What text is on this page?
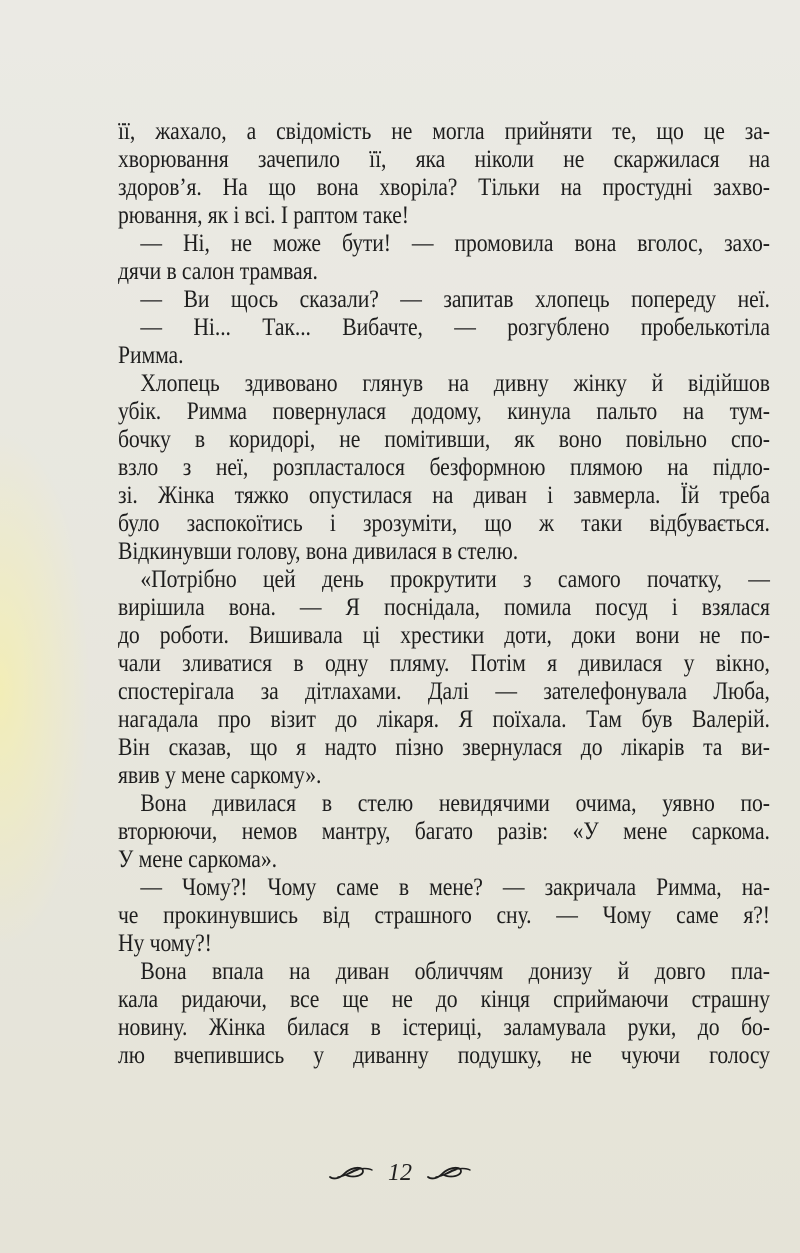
її, жахало, а свідомість не могла прийняти те, що це за-
хворювання зачепило її, яка ніколи не скаржилася на
здоров’я. На що вона хворіла? Тільки на простудні захво-
рювання, як і всі. І раптом таке!
— Ні, не може бути! — промовила вона вголос, захо-
дячи в салон трамвая.
— Ви щось сказали? — запитав хлопець попереду неї.
— Ні... Так... Вибачте, — розгублено пробелькотіла
Римма.
Хлопець здивовано глянув на дивну жінку й відійшов
убік. Римма повернулася додому, кинула пальто на тум-
бочку в коридорі, не помітивши, як воно повільно спо-
взло з неї, розпласталося безформною плямою на підло-
зі. Жінка тяжко опустилася на диван і завмерла. Їй треба
було заспокоїтись і зрозуміти, що ж таки відбувається.
Відкинувши голову, вона дивилася в стелю.
«Потрібно цей день прокрутити з самого початку, —
вирішила вона. — Я поснідала, помила посуд і взялася
до роботи. Вишивала ці хрестики доти, доки вони не по-
чали зливатися в одну пляму. Потім я дивилася у вікно,
спостерігала за дітлахами. Далі — зателефонувала Люба,
нагадала про візит до лікаря. Я поїхала. Там був Валерій.
Він сказав, що я надто пізно звернулася до лікарів та ви-
явив у мене саркому».
Вона дивилася в стелю невидячими очима, уявно по-
вторюючи, немов мантру, багато разів: «У мене саркома.
У мене саркома».
— Чому?! Чому саме в мене? — закричала Римма, на-
че прокинувшись від страшного сну. — Чому саме я?!
Ну чому?!
Вона впала на диван обличчям донизу й довго пла-
кала ридаючи, все ще не до кінця сприймаючи страшну
новину. Жінка билася в істериці, заламувала руки, до бо-
лю вчепившись у диванну подушку, не чуючи голосу
12
